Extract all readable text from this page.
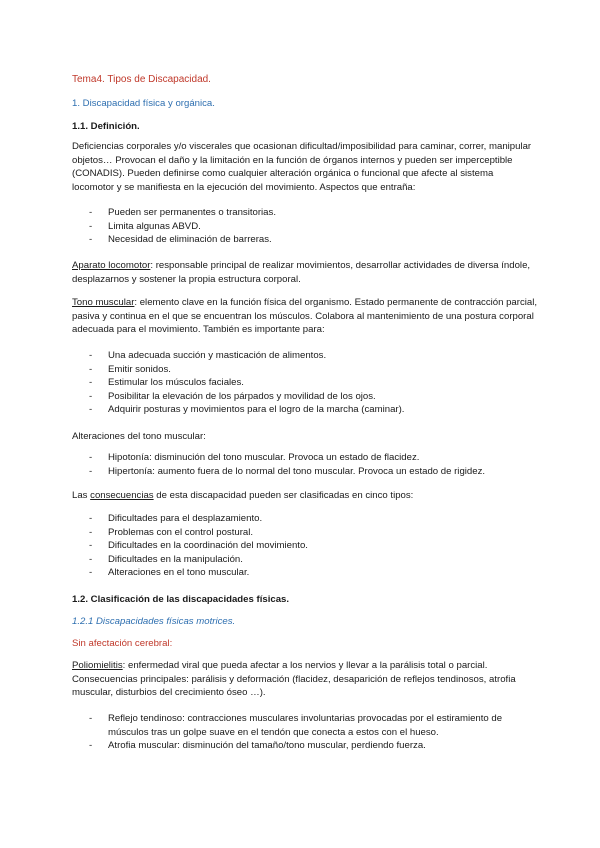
Tema4. Tipos de Discapacidad.

1. Discapacidad física y orgánica.

1.1. Definición.

Deficiencias corporales y/o viscerales que ocasionan dificultad/imposibilidad para caminar, correr, manipular objetos… Provocan el daño y la limitación en la función de órganos internos y pueden ser imperceptible (CONADIS). Pueden definirse como cualquier alteración orgánica o funcional que afecte al sistema locomotor y se manifiesta en la ejecución del movimiento. Aspectos que entraña:

- Pueden ser permanentes o transitorias.
- Limita algunas ABVD.
- Necesidad de eliminación de barreras.

Aparato locomotor: responsable principal de realizar movimientos, desarrollar actividades de diversa índole, desplazarnos y sostener la propia estructura corporal.

Tono muscular: elemento clave en la función física del organismo. Estado permanente de contracción parcial, pasiva y continua en el que se encuentran los músculos. Colabora al mantenimiento de una postura corporal adecuada para el movimiento. También es importante para:

- Una adecuada succión y masticación de alimentos.
- Emitir sonidos.
- Estimular los músculos faciales.
- Posibilitar la elevación de los párpados y movilidad de los ojos.
- Adquirir posturas y movimientos para el logro de la marcha (caminar).

Alteraciones del tono muscular:

- Hipotonía: disminución del tono muscular. Provoca un estado de flacidez.
- Hipertonía: aumento fuera de lo normal del tono muscular. Provoca un estado de rigidez.

Las consecuencias de esta discapacidad pueden ser clasificadas en cinco tipos:

- Dificultades para el desplazamiento.
- Problemas con el control postural.
- Dificultades en la coordinación del movimiento.
- Dificultades en la manipulación.
- Alteraciones en el tono muscular.

1.2. Clasificación de las discapacidades físicas.

1.2.1 Discapacidades físicas motrices.

Sin afectación cerebral:

Poliomielitis: enfermedad viral que pueda afectar a los nervios y llevar a la parálisis total o parcial. Consecuencias principales: parálisis y deformación (flacidez, desaparición de reflejos tendinosos, atrofia muscular, disturbios del crecimiento óseo …).

- Reflejo tendinoso: contracciones musculares involuntarias provocadas por el estiramiento de músculos tras un golpe suave en el tendón que conecta a estos con el hueso.
- Atrofia muscular: disminución del tamaño/tono muscular, perdiendo fuerza.
